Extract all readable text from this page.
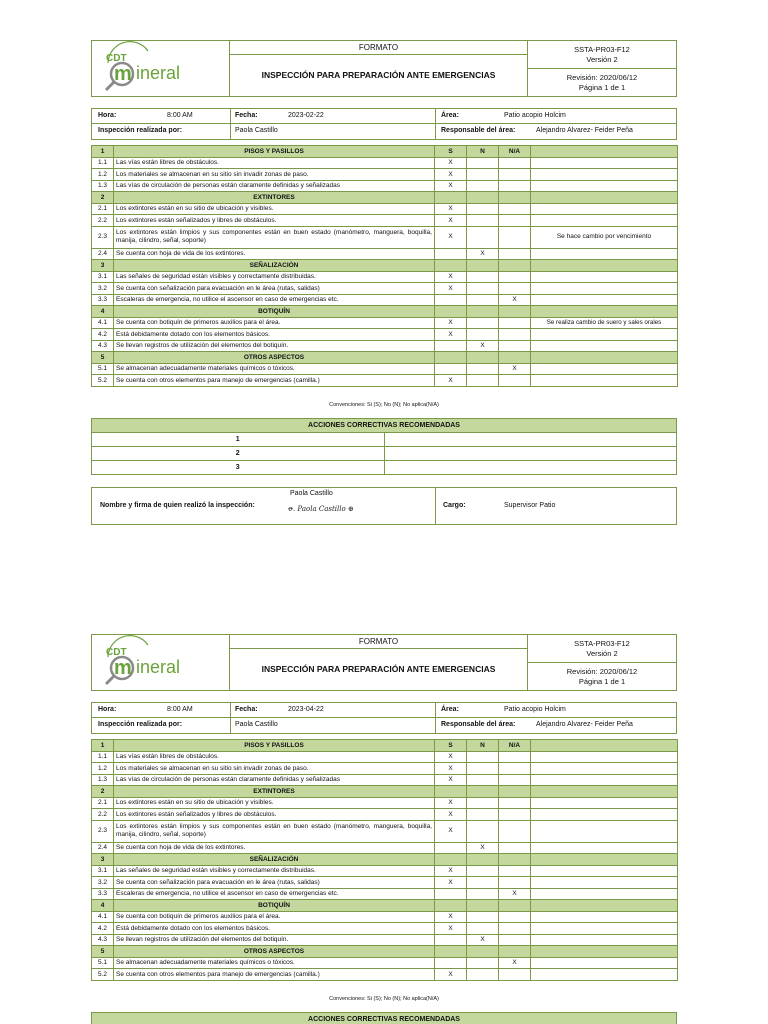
CDT
m ineral
FORMATO
INSPECCIÓN PARA PREPARACIÓN ANTE EMERGENCIAS
SSTA-PR03-F12
Versión 2
Revisión: 2020/06/12
Página 1 de 1
Hora:	8:00 AM	Fecha:	2023-02-22	Área:	Patio acopio Holcim
Inspección realizada por:	Paola Castillo	Responsable del área:	Alejandro Alvarez- Feider Peña
1	PISOS Y PASILLOS	S	N	N/A	
1.1	Las vías están libres de obstáculos.	X			
1.2	Los materiales se almacenan en su sitio sin invadir zonas de paso.	X			
1.3	Las vías de circulación de personas están claramente definidas y señalizadas	X			
2	EXTINTORES				
2.1	Los extintores están en su sitio de ubicación y visibles.	X			
2.2	Los extintores están señalizados y libres de obstáculos.	X			
2.3	Los extintores están limpios y sus componentes están en buen estado (manómetro, manguera, boquilla, manija, cilindro, señal, soporte)	X			Se hace cambio por vencimiento
2.4	Se cuenta con hoja de vida de los extintores.		X		
3	SEÑALIZACIÓN				
3.1	Las señales de seguridad están visibles y correctamente distribuidas.	X			
3.2	Se cuenta con señalización para evacuación en le área (rutas, salidas)	X			
3.3	Escaleras de emergencia, no utilice el ascensor en caso de emergencias etc.			X	
4	BOTIQUÍN				
4.1	Se cuenta con botiquín de primeros auxilios para el área.	X			Se realiza cambio de suero y sales orales
4.2	Está debidamente dotado con los elementos básicos.	X			
4.3	Se llevan registros de utilización del elementos del botiquín.		X		
5	OTROS ASPECTOS				
5.1	Se almacenan adecuadamente materiales químicos o tóxicos.			X	
5.2	Se cuenta con otros elementos para manejo de emergencias (camilla.)	X			
Convenciones: Si (S); No (N); No aplica(N/A)
ACCIONES CORRECTIVAS RECOMENDADAS	
1	
2	
3	
Paola Castillo
Nombre y firma de quien realizó la inspección:	ꝋ. Paola Castillo ⊕	Cargo:	Supervisor Patio
CDT
m ineral
FORMATO
INSPECCIÓN PARA PREPARACIÓN ANTE EMERGENCIAS
SSTA-PR03-F12
Versión 2
Revisión: 2020/06/12
Página 1 de 1
Hora:	8:00 AM	Fecha:	2023-04-22	Área:	Patio acopio Holcim
Inspección realizada por:	Paola Castillo	Responsable del área:	Alejandro Alvarez- Feider Peña
1	PISOS Y PASILLOS	S	N	N/A	
1.1	Las vías están libres de obstáculos.	X			
1.2	Los materiales se almacenan en su sitio sin invadir zonas de paso.	X			
1.3	Las vías de circulación de personas están claramente definidas y señalizadas	X			
2	EXTINTORES				
2.1	Los extintores están en su sitio de ubicación y visibles.	X			
2.2	Los extintores están señalizados y libres de obstáculos.	X			
2.3	Los extintores están limpios y sus componentes están en buen estado (manómetro, manguera, boquilla, manija, cilindro, señal, soporte)	X			
2.4	Se cuenta con hoja de vida de los extintores.		X		
3	SEÑALIZACIÓN				
3.1	Las señales de seguridad están visibles y correctamente distribuidas.	X			
3.2	Se cuenta con señalización para evacuación en le área (rutas, salidas)	X			
3.3	Escaleras de emergencia, no utilice el ascensor en caso de emergencias etc.			X	
4	BOTIQUÍN				
4.1	Se cuenta con botiquín de primeros auxilios para el área.	X			
4.2	Está debidamente dotado con los elementos básicos.	X			
4.3	Se llevan registros de utilización del elementos del botiquín.		X		
5	OTROS ASPECTOS				
5.1	Se almacenan adecuadamente materiales químicos o tóxicos.			X	
5.2	Se cuenta con otros elementos para manejo de emergencias (camilla.)	X			
Convenciones: Si (S); No (N); No aplica(N/A)
ACCIONES CORRECTIVAS RECOMENDADAS
